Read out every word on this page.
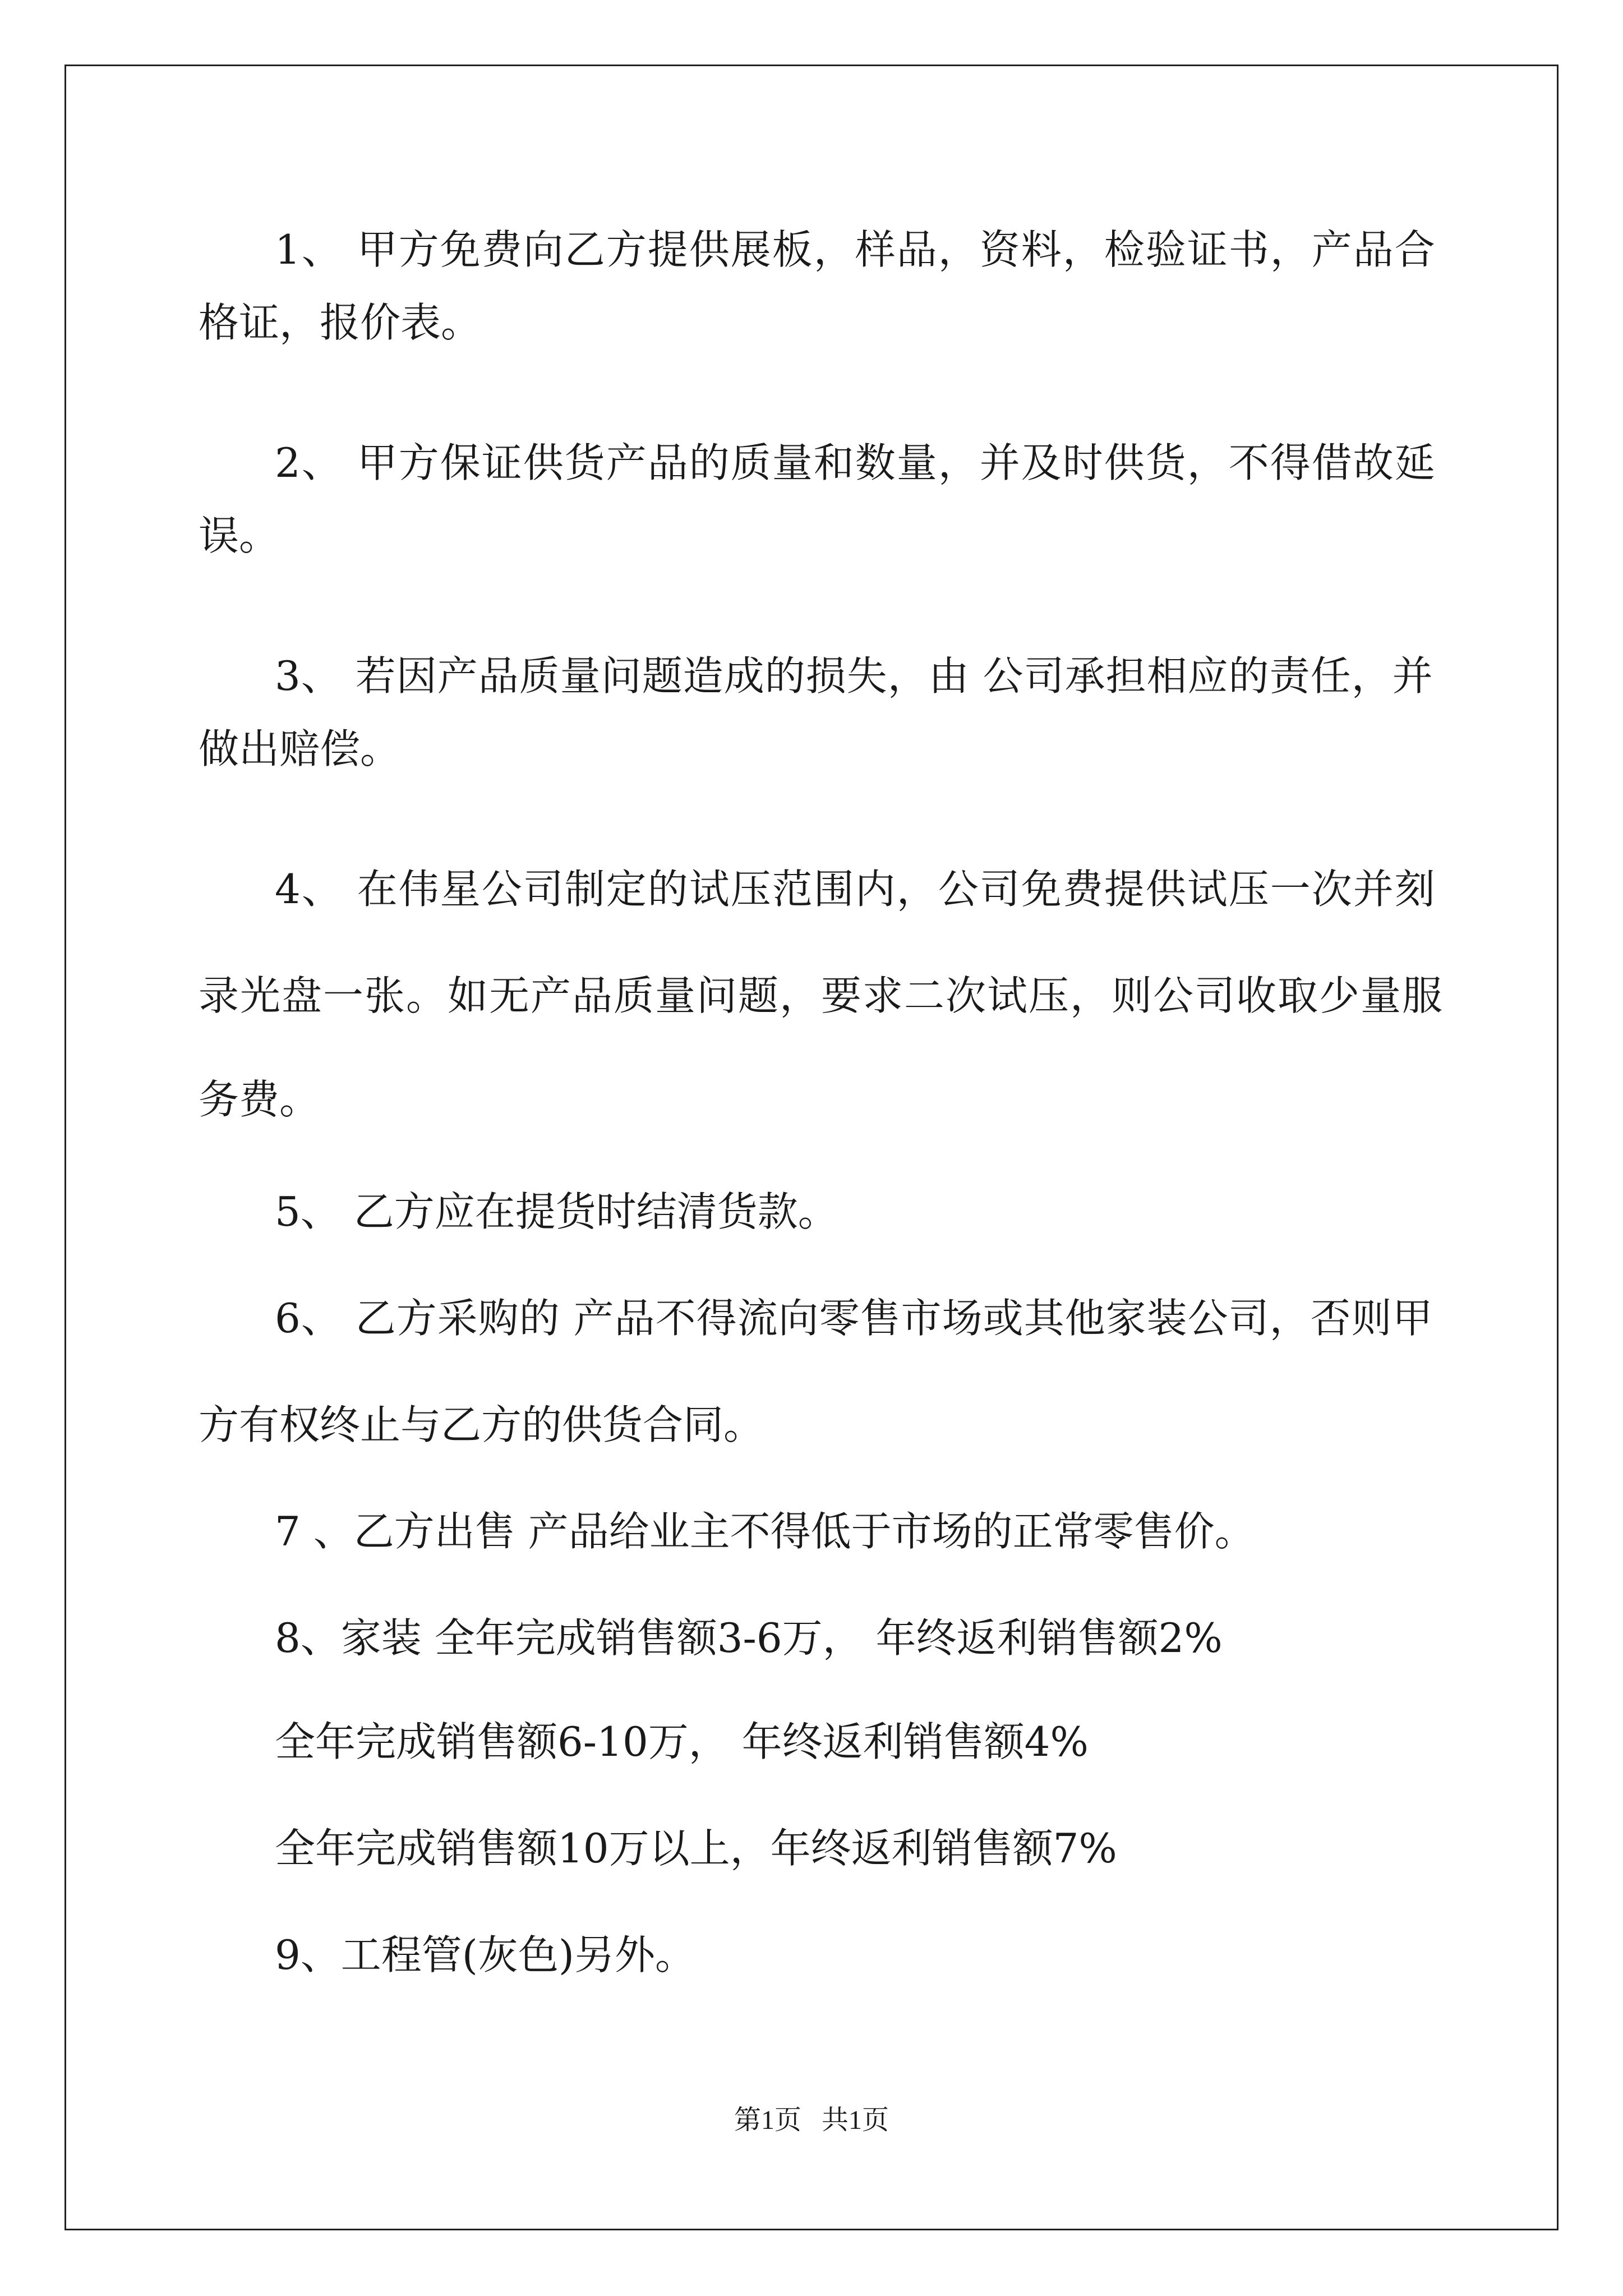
1、 甲方免费向乙方提供展板，样品，资料，检验证书，产品合
格证，报价表。
2、 甲方保证供货产品的质量和数量，并及时供货，不得借故延
误。
3、 若因产品质量问题造成的损失，由 公司承担相应的责任，并
做出赔偿。
4、 在伟星公司制定的试压范围内，公司免费提供试压一次并刻
录光盘一张。如无产品质量问题，要求二次试压，则公司收取少量服
务费。
5、 乙方应在提货时结清货款。
6、 乙方采购的 产品不得流向零售市场或其他家装公司，否则甲
方有权终止与乙方的供货合同。
7 、乙方出售 产品给业主不得低于市场的正常零售价。
8、家装 全年完成销售额3-6万， 年终返利销售额2%
全年完成销售额6-10万， 年终返利销售额4%
全年完成销售额10万以上，年终返利销售额7%
9、工程管(灰色)另外。
第1页   共1页
